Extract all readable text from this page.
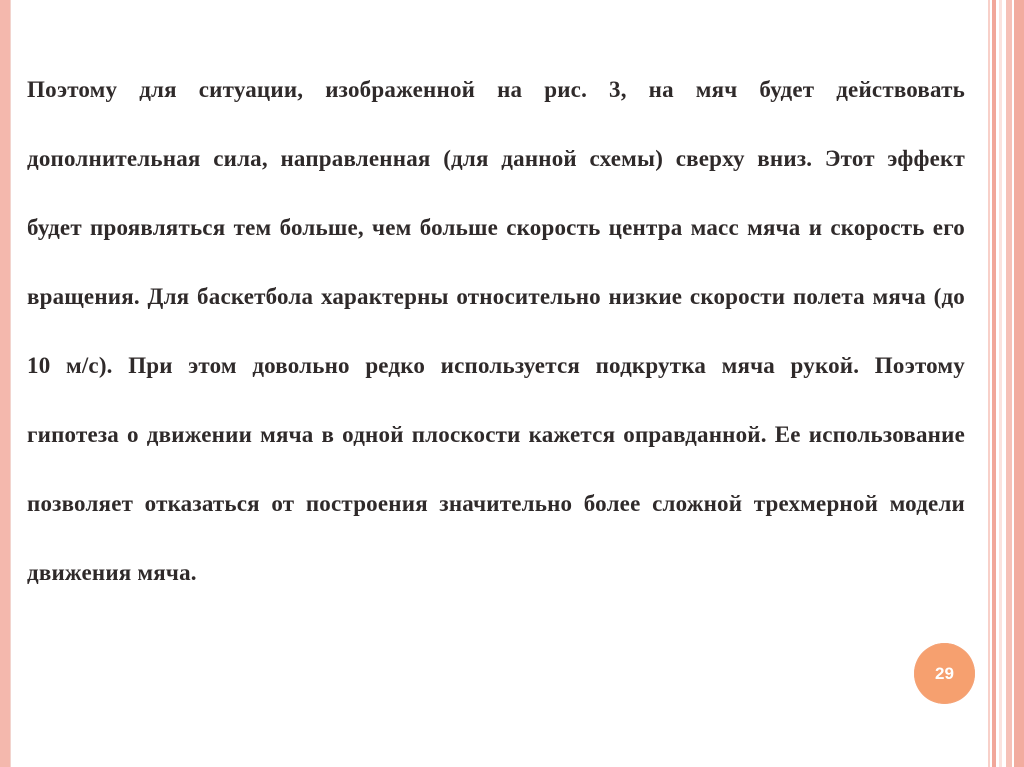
Поэтому для ситуации, изображенной на рис. 3, на мяч будет действовать дополнительная сила, направленная (для данной схемы) сверху вниз. Этот эффект будет проявляться тем больше, чем больше скорость центра масс мяча и скорость его вращения. Для баскетбола характерны относительно низкие скорости полета мяча (до 10 м/с). При этом довольно редко используется подкрутка мяча рукой. Поэтому гипотеза о движении мяча в одной плоскости кажется оправданной. Ее использование позволяет отказаться от построения значительно более сложной трехмерной модели движения мяча.
29
